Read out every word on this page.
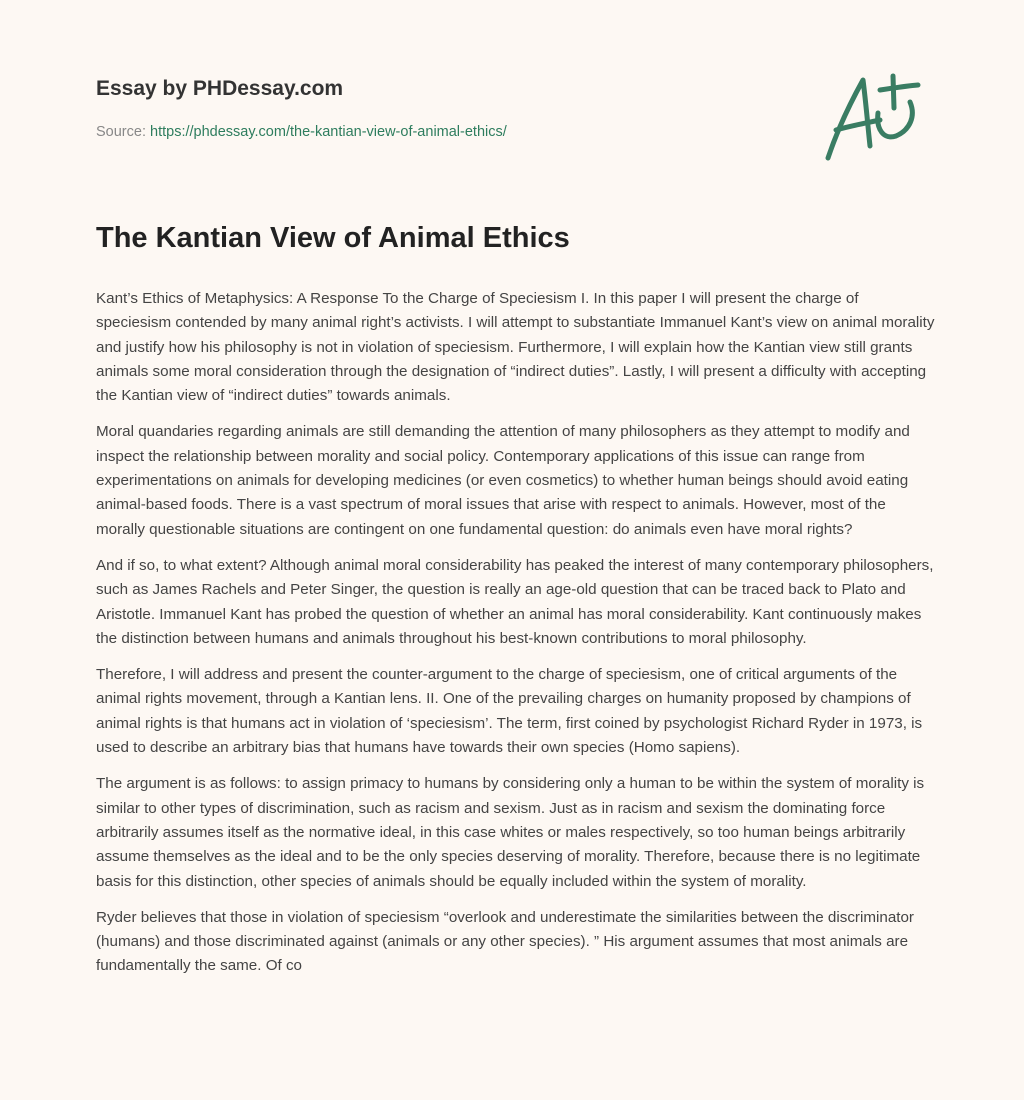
Essay by PHDessay.com
Source: https://phdessay.com/the-kantian-view-of-animal-ethics/
The Kantian View of Animal Ethics

Kant’s Ethics of Metaphysics: A Response To the Charge of Speciesism I. In this paper I will present the charge of speciesism contended by many animal right’s activists. I will attempt to substantiate Immanuel Kant’s view on animal morality and justify how his philosophy is not in violation of speciesism. Furthermore, I will explain how the Kantian view still grants animals some moral consideration through the designation of “indirect duties”. Lastly, I will present a difficulty with accepting the Kantian view of “indirect duties” towards animals.

Moral quandaries regarding animals are still demanding the attention of many philosophers as they attempt to modify and inspect the relationship between morality and social policy. Contemporary applications of this issue can range from experimentations on animals for developing medicines (or even cosmetics) to whether human beings should avoid eating animal-based foods. There is a vast spectrum of moral issues that arise with respect to animals. However, most of the morally questionable situations are contingent on one fundamental question: do animals even have moral rights?

And if so, to what extent? Although animal moral considerability has peaked the interest of many contemporary philosophers, such as James Rachels and Peter Singer, the question is really an age-old question that can be traced back to Plato and Aristotle. Immanuel Kant has probed the question of whether an animal has moral considerability. Kant continuously makes the distinction between humans and animals throughout his best-known contributions to moral philosophy.

Therefore, I will address and present the counter-argument to the charge of speciesism, one of critical arguments of the animal rights movement, through a Kantian lens. II. One of the prevailing charges on humanity proposed by champions of animal rights is that humans act in violation of ‘speciesism’. The term, first coined by psychologist Richard Ryder in 1973, is used to describe an arbitrary bias that humans have towards their own species (Homo sapiens).

The argument is as follows: to assign primacy to humans by considering only a human to be within the system of morality is similar to other types of discrimination, such as racism and sexism. Just as in racism and sexism the dominating force arbitrarily assumes itself as the normative ideal, in this case whites or males respectively, so too human beings arbitrarily assume themselves as the ideal and to be the only species deserving of morality. Therefore, because there is no legitimate basis for this distinction, other species of animals should be equally included within the system of morality.

Ryder believes that those in violation of speciesism “overlook and underestimate the similarities between the discriminator (humans) and those discriminated against (animals or any other species). ” His argument assumes that most animals are fundamentally the same. Of co
